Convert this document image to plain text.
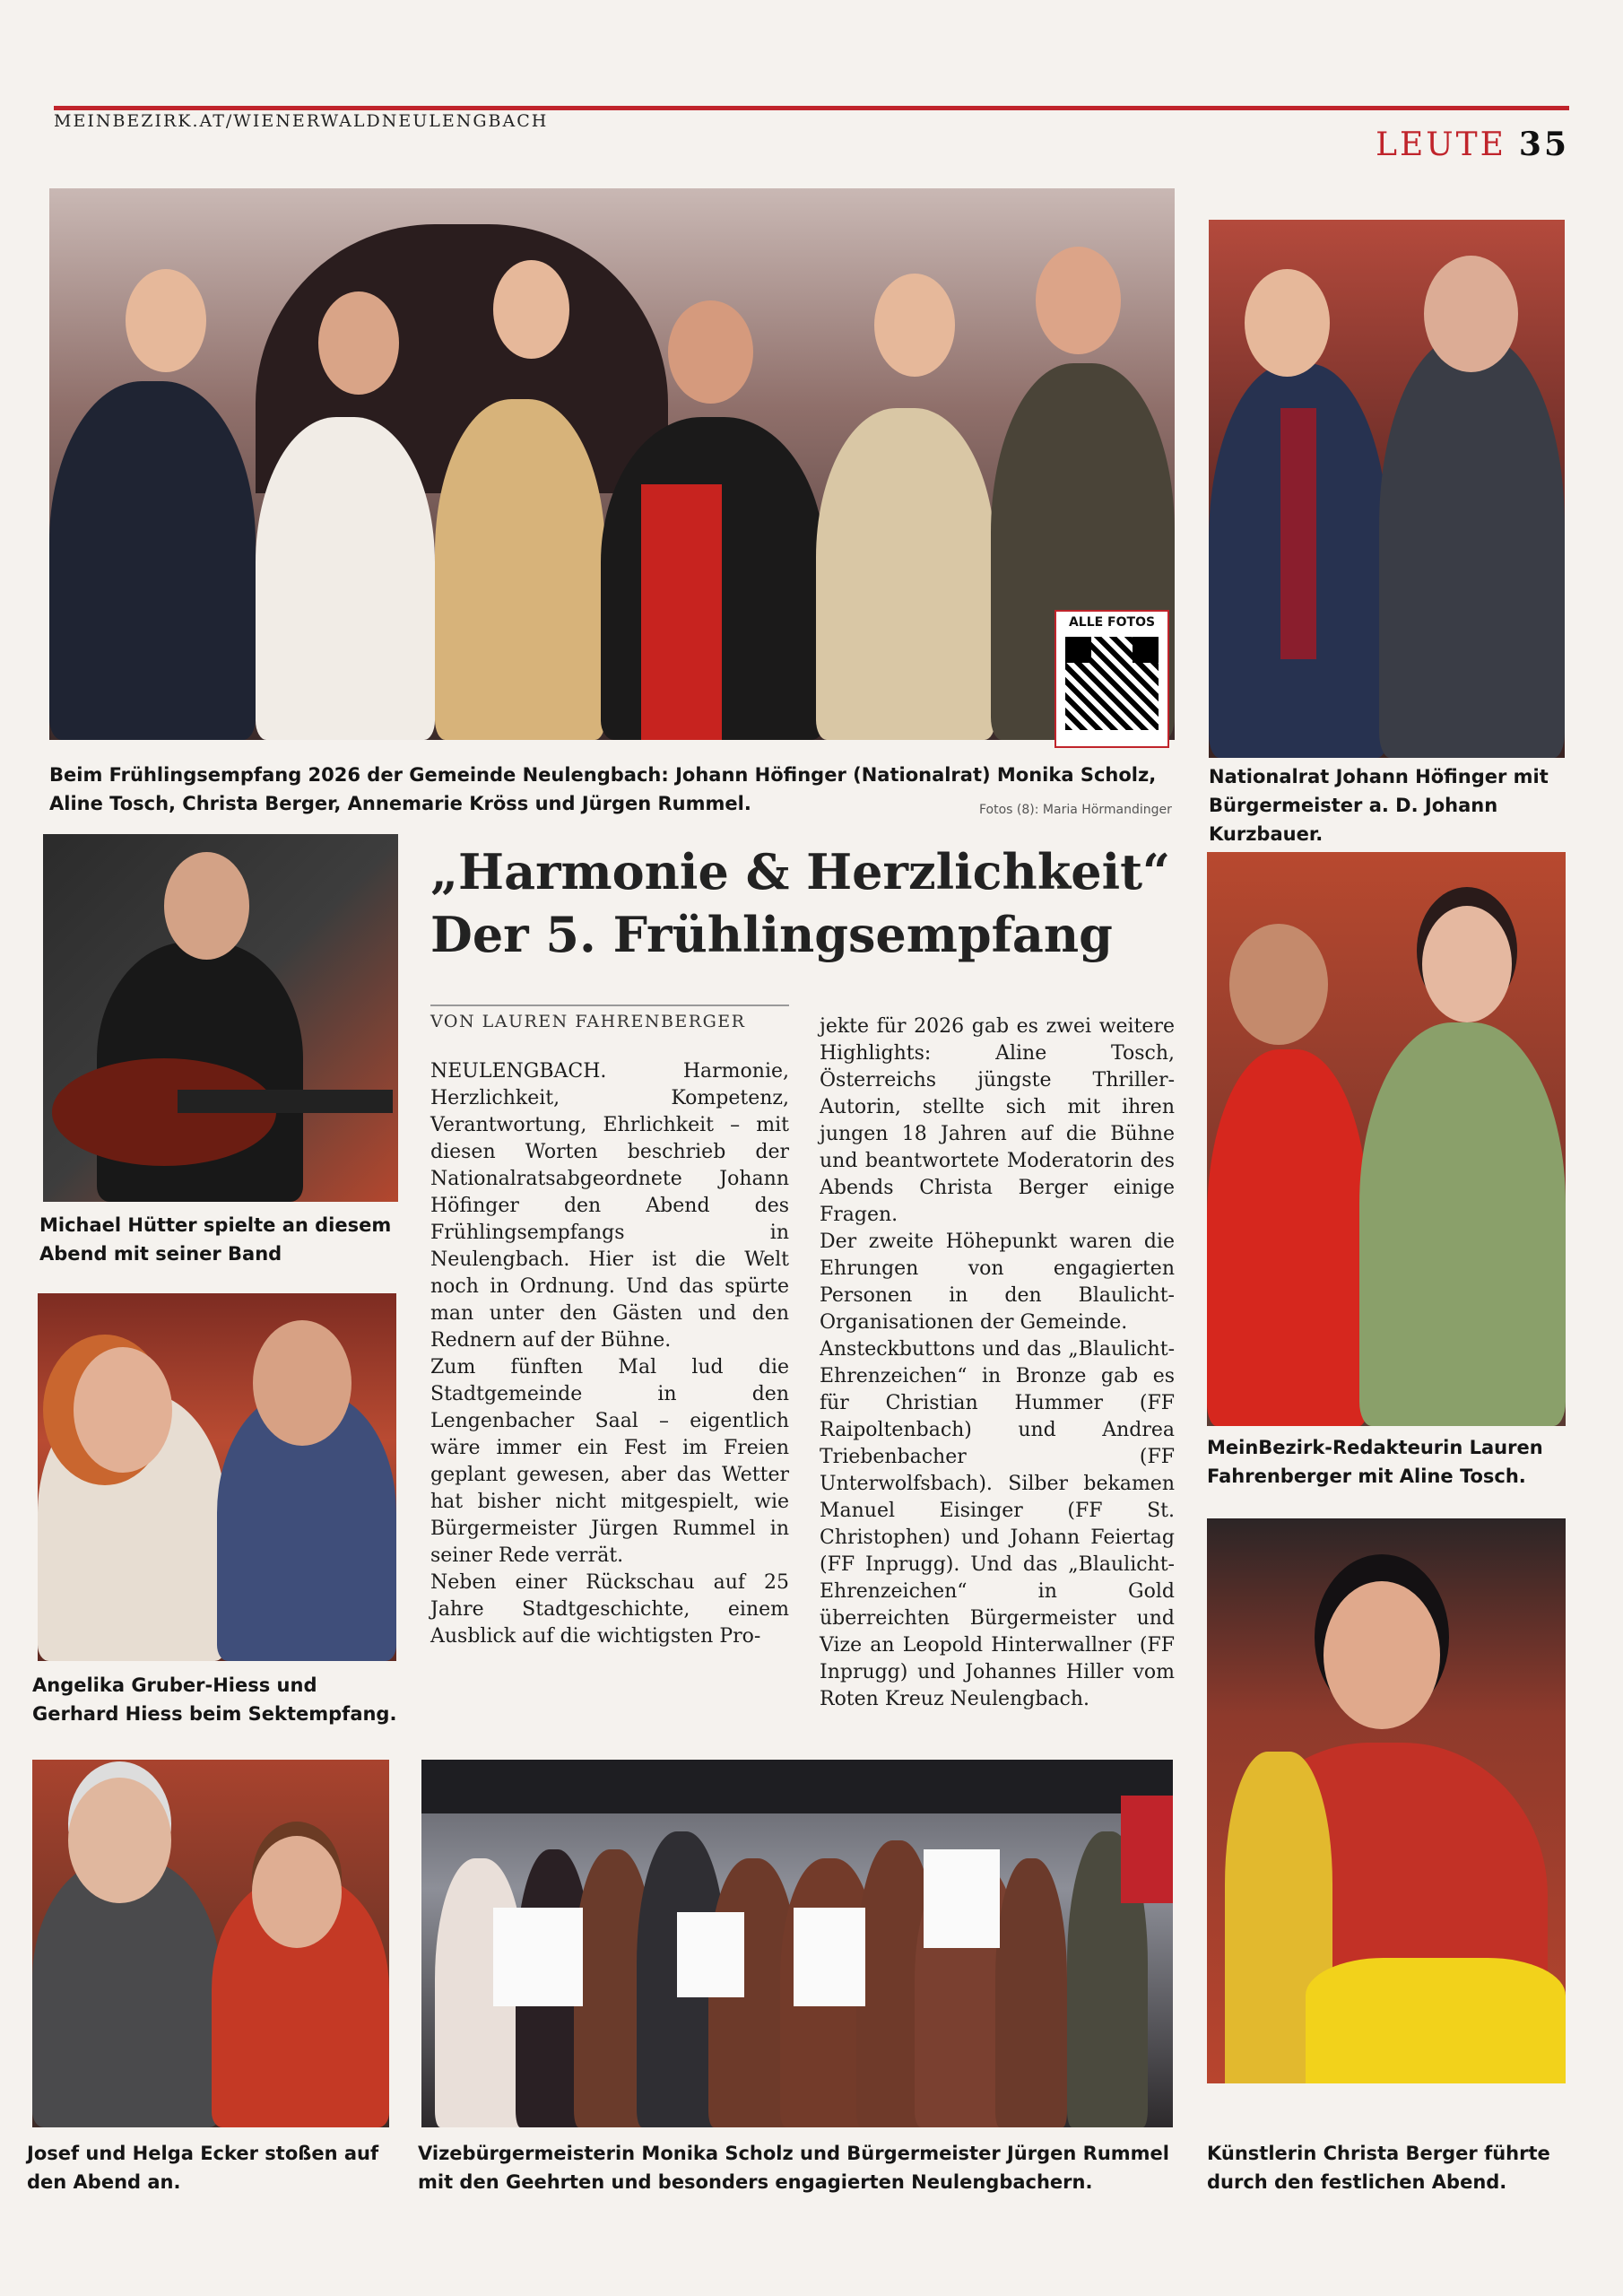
MEINBEZIRK.AT/WIENERWALDNEULENGBACH
LEUTE 35
ALLE FOTOS
Beim Frühlingsempfang 2026 der Gemeinde Neulengbach: Johann Höfinger (Nationalrat) Monika Scholz, Aline Tosch, Christa Berger, Annemarie Kröss und Jürgen Rummel.	Fotos (8): Maria Hörmandinger
Nationalrat Johann Höfinger mit Bürgermeister a. D. Johann Kurzbauer.
Michael Hütter spielte an diesem Abend mit seiner Band
Angelika Gruber-Hiess und Gerhard Hiess beim Sektempfang.
Josef und Helga Ecker stoßen auf den Abend an.
„Harmonie & Herzlichkeit“
Der 5. Frühlingsempfang
VON LAUREN FAHRENBERGER

NEULENGBACH. Harmonie, Herzlichkeit, Kompetenz, Verantwortung, Ehrlichkeit – mit diesen Worten beschrieb der Nationalratsabgeordnete Johann Höfinger den Abend des Frühlingsempfangs in Neulengbach. Hier ist die Welt noch in Ordnung. Und das spürte man unter den Gästen und den Rednern auf der Bühne.

Zum fünften Mal lud die Stadtgemeinde in den Lengenbacher Saal – eigentlich wäre immer ein Fest im Freien geplant gewesen, aber das Wetter hat bisher nicht mitgespielt, wie Bürgermeister Jürgen Rummel in seiner Rede verrät.

Neben einer Rückschau auf 25 Jahre Stadtgeschichte, einem Ausblick auf die wichtigsten Pro-

jekte für 2026 gab es zwei weitere Highlights: Aline Tosch, Österreichs jüngste Thriller-Autorin, stellte sich mit ihren jungen 18 Jahren auf die Bühne und beantwortete Moderatorin des Abends Christa Berger einige Fragen.

Der zweite Höhepunkt waren die Ehrungen von engagierten Personen in den Blaulicht-Organisationen der Gemeinde.

Ansteckbuttons und das „Blaulicht-Ehrenzeichen“ in Bronze gab es für Christian Hummer (FF Raipoltenbach) und Andrea Triebenbacher (FF Unterwolfsbach). Silber bekamen Manuel Eisinger (FF St. Christophen) und Johann Feiertag (FF Inprugg). Und das „Blaulicht-Ehrenzeichen“ in Gold überreichten Bürgermeister und Vize an Leopold Hinterwallner (FF Inprugg) und Johannes Hiller vom Roten Kreuz Neulengbach.

Vizebürgermeisterin Monika Scholz und Bürgermeister Jürgen Rummel mit den Geehrten und besonders engagierten Neulengbachern.
MeinBezirk-Redakteurin Lauren Fahrenberger mit Aline Tosch.
Künstlerin Christa Berger führte durch den festlichen Abend.
